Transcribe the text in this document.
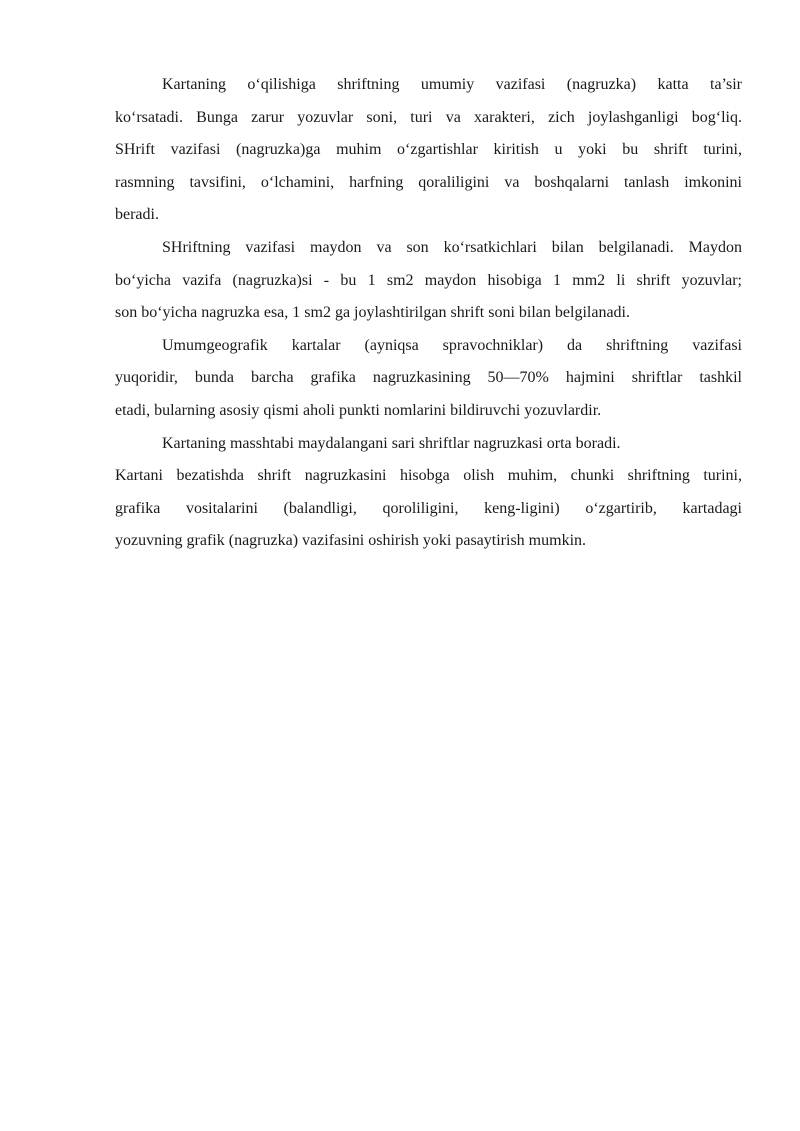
Kartaning o‘qilishiga shriftning umumiy vazifasi (nagruzka) katta ta’sir
ko‘rsatadi. Bunga zarur yozuvlar soni, turi va xarakteri, zich joylashganligi bog‘liq.
SHrift vazifasi (nagruzka)ga muhim o‘zgartishlar kiritish u yoki bu shrift turini,
rasmning tavsifini, o‘lchamini, harfning qoraliligini va boshqalarni tanlash imkonini
beradi.

SHriftning vazifasi maydon va son ko‘rsatkichlari bilan belgilanadi. Maydon
bo‘yicha vazifa (nagruzka)si - bu 1 sm2 maydon hisobiga 1 mm2 li shrift yozuvlar;
son bo‘yicha nagruzka esa, 1 sm2 ga joylashtirilgan shrift soni bilan belgilanadi.

Umumgeografik kartalar (ayniqsa spravochniklar) da shriftning vazifasi
yuqoridir, bunda barcha grafika nagruzkasining 50—70% hajmini shriftlar tashkil
etadi, bularning asosiy qismi aholi punkti nomlarini bildiruvchi yozuvlardir.

Kartaning masshtabi maydalangani sari shriftlar nagruzkasi orta boradi.

Kartani bezatishda shrift nagruzkasini hisobga olish muhim, chunki shriftning turini,
grafika vositalarini (balandligi, qoroliligini, keng-ligini) o‘zgartirib, kartadagi
yozuvning grafik (nagruzka) vazifasini oshirish yoki pasaytirish mumkin.
